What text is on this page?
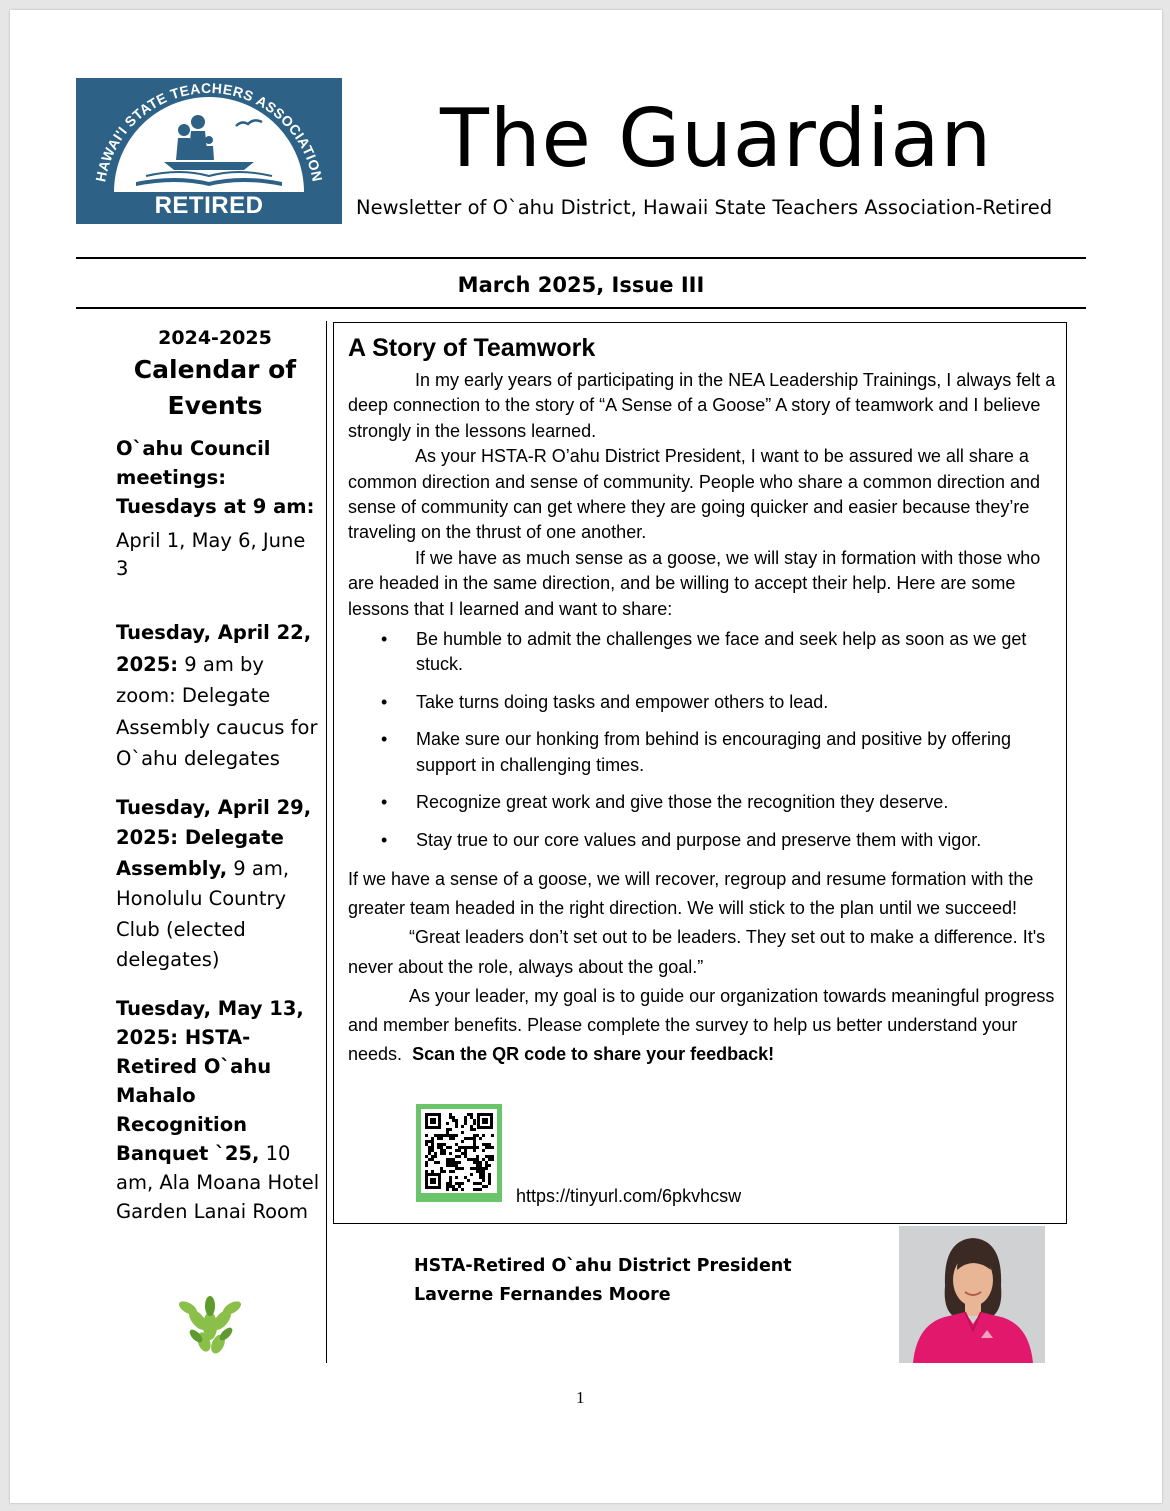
HAWAI'I STATE TEACHERS ASSOCIATION
RETIRED
The Guardian
Newsletter of O`ahu District, Hawaii State Teachers Association-Retired
March 2025, Issue III
2024-2025
Calendar of Events
O`ahu Council meetings: Tuesdays at 9 am:
April 1, May 6, June 3
Tuesday, April 22, 2025: 9 am by zoom: Delegate Assembly caucus for O`ahu delegates
Tuesday, April 29, 2025: Delegate Assembly, 9 am, Honolulu Country Club (elected delegates)
Tuesday, May 13, 2025: HSTA-Retired O`ahu Mahalo Recognition Banquet `25, 10 am, Ala Moana Hotel Garden Lanai Room
A Story of Teamwork

In my early years of participating in the NEA Leadership Trainings, I always felt a deep connection to the story of “A Sense of a Goose” A story of teamwork and I believe strongly in the lessons learned.

As your HSTA-R O’ahu District President, I want to be assured we all share a common direction and sense of community. People who share a common direction and sense of community can get where they are going quicker and easier because they’re traveling on the thrust of one another.

If we have as much sense as a goose, we will stay in formation with those who are headed in the same direction, and be willing to accept their help. Here are some lessons that I learned and want to share:

• Be humble to admit the challenges we face and seek help as soon as we get stuck.
• Take turns doing tasks and empower others to lead.
• Make sure our honking from behind is encouraging and positive by offering support in challenging times.
• Recognize great work and give those the recognition they deserve.
• Stay true to our core values and purpose and preserve them with vigor.

If we have a sense of a goose, we will recover, regroup and resume formation with the greater team headed in the right direction. We will stick to the plan until we succeed!

“Great leaders don’t set out to be leaders. They set out to make a difference. It's never about the role, always about the goal.”

As your leader, my goal is to guide our organization towards meaningful progress and member benefits. Please complete the survey to help us better understand your needs. Scan the QR code to share your feedback!

https://tinyurl.com/6pkvhcsw
HSTA-Retired O`ahu District President
Laverne Fernandes Moore
1
